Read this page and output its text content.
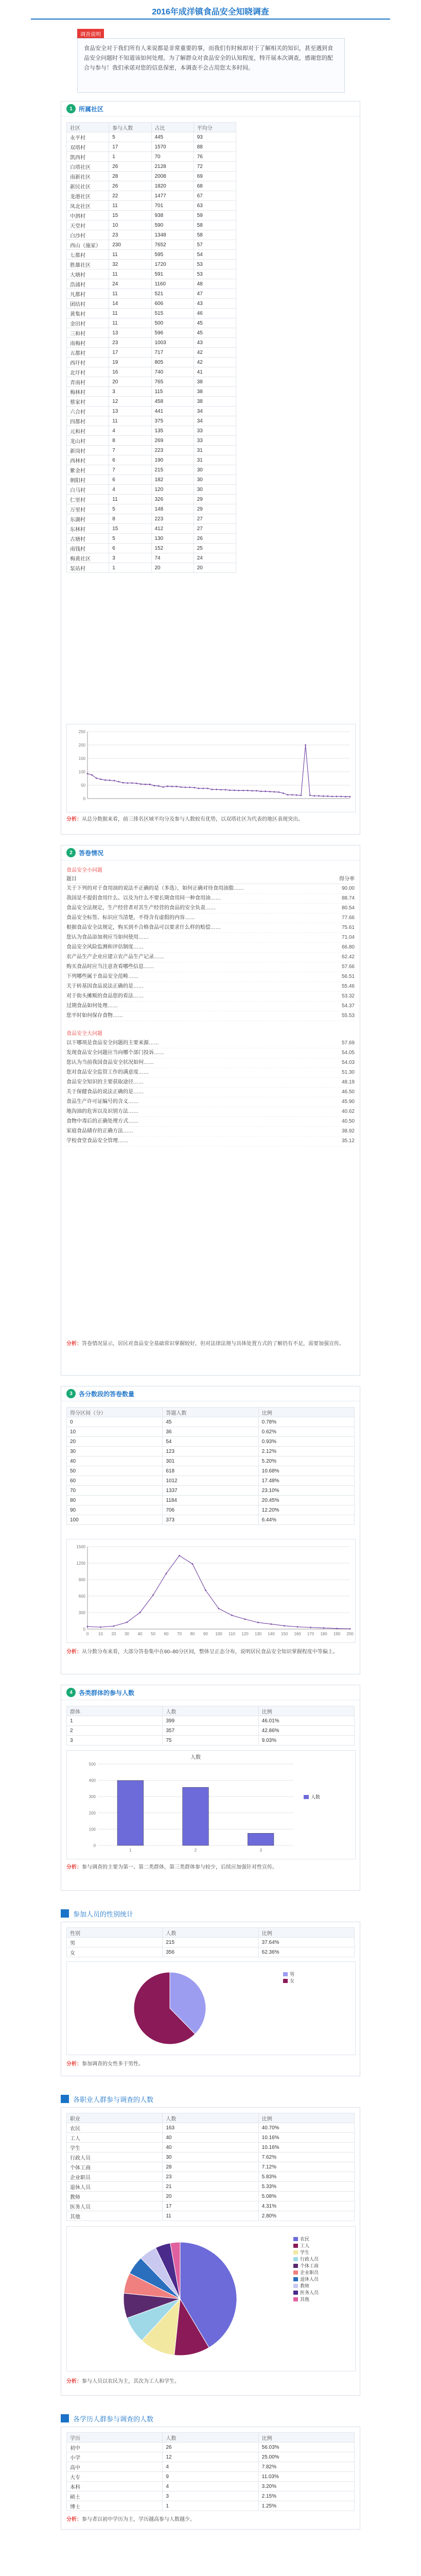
2016年成洋镇食品安全知晓调查
调查说明
食品安全对于我们所有人来说都是非常重要的事，而我们有时候却对于了解相关的知识，甚至遇到食品安全问题时不知道该如何处理。为了解群众对食品安全的认知程度，特开展本次调查，感谢您的配合与参与！我们承诺对您的信息保密，本调查不会占用您太多时间。
1	所属社区
社区	参与人数	占比	平均分
永平村	5	445	93
双塔村	17	1570	88
凯西村	1	70	76
白塔社区	26	2128	72
南新社区	28	2008	69
新民社区	26	1820	68
龙港社区	22	1477	67
凤北社区	11	701	63
中泗村	15	938	59
天堂村	10	590	58
白沙村	23	1348	58
西山（施家）	230	7652	57
七都村	11	595	54
胜雄社区	32	1720	53
大塘村	11	591	53
浩浦村	24	1160	48
凡都村	11	521	47
团结村	14	606	43
黄集村	11	515	46
金田村	11	500	45
三和村	13	596	45
南梅村	23	1003	43
五都村	17	717	42
西圩村	19	805	42
北圩村	16	740	41
青南村	20	765	38
梅林村	3	115	38
蔡家村	12	458	38
六合村	13	441	34
四都村	11	375	34
元和村	4	135	33
龙山村	8	269	33
新岗村	7	223	31
西林村	6	190	31
紫金村	7	215	30
朝阳村	6	182	30
白马村	4	120	30
仁里村	11	326	29
万里村	5	148	29
东湖村	8	223	27
东林村	15	412	27
古塘村	5	130	26
南钱村	6	152	25
梅黄社区	3	74	24
泵站村	1	20	20
0
50
100
150
200
250
分析：从总分数据来看，前三排名区域平均分及参与人数较有优势，以双塔社区为代表的地区表现突出。
2	答卷情况
食品安全小问题
题目	得分率
关于下列的对于食用油的说法不正确的是（多选），如何正确对待食用油脂……	90.00
我国是不提倡食用什么、以及为什么不要长期食用同一种食用油……	88.74
食品安全法规定，生产经营者对其生产经营的食品的安全负责……	80.54
食品安全标签、标识应当清楚，不得含有虚假的内容……	77.66
根据食品安全法规定，购买到不合格食品可以要求什么样的赔偿……	75.61
您认为食品添加剂应当如何使用……	71.04
食品安全风险监测和评估制度……	66.80
农产品生产企业应建立农产品生产记录……	62.42
购买食品时应当注意查看哪些信息……	57.66
下列哪些属于食品安全范畴……	56.51
关于转基因食品说法正确的是……	55.46
对于街头摊贩的食品您的看法……	53.32
过期食品如何处理……	54.37
您平时如何保存食物……	55.53
食品安全大问题
以下哪项是食品安全问题的主要来源……	57.69
发现食品安全问题应当向哪个部门投诉……	54.05
您认为当前我国食品安全状况如何……	54.03
您对食品安全监管工作的满意度……	51.30
食品安全知识的主要获取途径……	48.19
关于保健食品的说法正确的是……	46.50
食品生产许可证编号的含义……	45.90
地沟油的危害以及识别方法……	40.62
食物中毒后的正确处理方式……	40.50
家庭食品储存的正确方法……	38.92
学校食堂食品安全管理……	35.12
分析：答卷情况显示，居民对食品安全基础常识掌握较好，但对法律法规与具体处置方式的了解仍有不足，需要加强宣传。
3	各分数段的答卷数量
得分区间（分）	答题人数	比例
0	45	0.78%
10	36	0.62%
20	54	0.93%
30	123	2.12%
40	301	5.20%
50	618	10.68%
60	1012	17.48%
70	1337	23.10%
80	1184	20.45%
90	706	12.20%
100	373	6.44%
0
300
600
900
1200
1500
0 10 20 30 40 50 60 70 80 90 100 110 120 130 140 150 160 170 180 190 200
分析：从分数分布来看，大部分答卷集中在60–80分区间，整体呈正态分布，说明居民食品安全知识掌握程度中等偏上。
4	各类群体的参与人数
群体	人数	比例
1	399	46.01%
2	357	42.86%
3	75	9.03%
人数
0
100
200
300
400
500
1	2	3
人数
分析：参与调查的主要为第一、第二类群体，第三类群体参与较少，后续应加强针对性宣传。
参加人员的性别统计
性别	人数	比例
男	215	37.64%
女	356	62.36%
男
女
分析：参加调查的女性多于男性。
各职业人群参与调查的人数
职业	人数	比例
农民	163	40.70%
工人	40	10.16%
学生	40	10.16%
行政人员	30	7.62%
个体工商	28	7.12%
企业职员	23	5.83%
退休人员	21	5.33%
教师	20	5.08%
医务人员	17	4.31%
其他	11	2.80%
农民
工人
学生
行政人员
个体工商
企业职员
退休人员
教师
医务人员
其他
分析：参与人员以农民为主，其次为工人和学生。
各学历人群参与调查的人数
学历	人数	比例
初中	26	56.03%
小学	12	25.00%
高中	4	7.82%
大专	9	11.03%
本科	4	3.20%
硕士	3	2.15%
博士	1	1.25%
分析：参与者以初中学历为主，学历越高参与人数越少。
